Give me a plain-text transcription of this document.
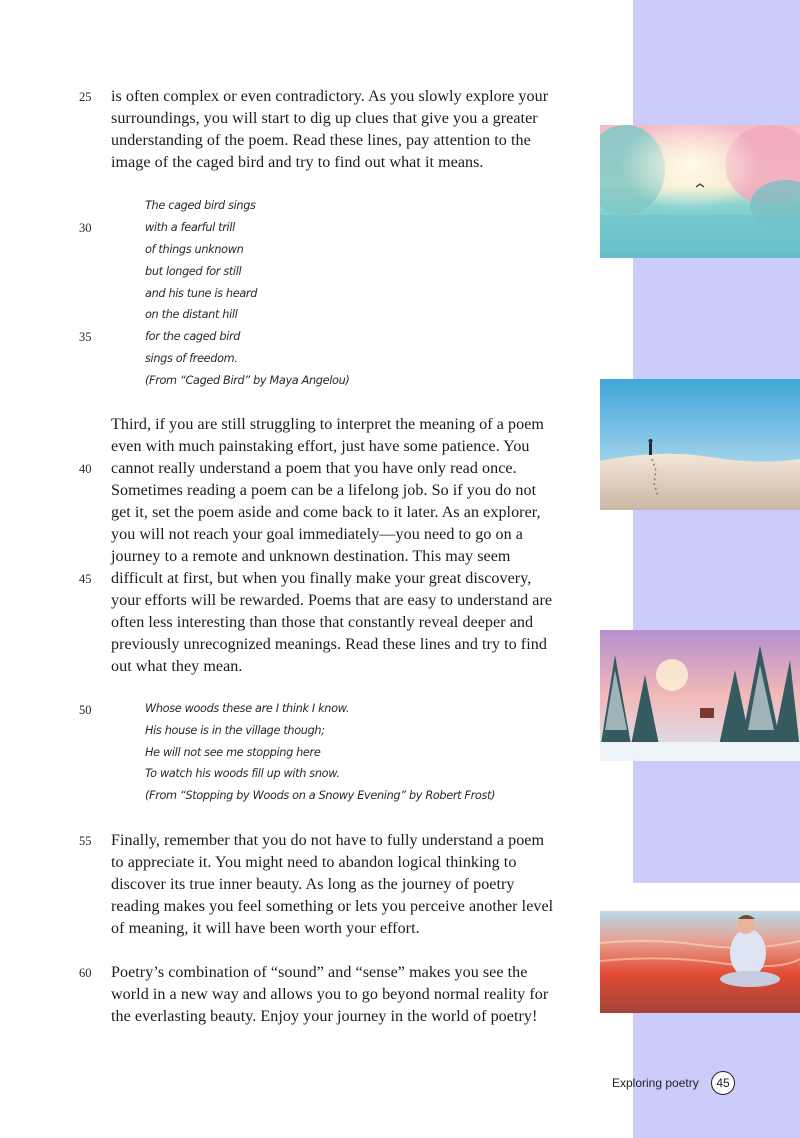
is often complex or even contradictory. As you slowly explore your
surroundings, you will start to dig up clues that give you a greater
understanding of the poem. Read these lines, pay attention to the
image of the caged bird and try to find out what it means.
The caged bird sings
with a fearful trill
of things unknown
but longed for still
and his tune is heard
on the distant hill
for the caged bird
sings of freedom.
(From “Caged Bird” by Maya Angelou)
Third, if you are still struggling to interpret the meaning of a poem
even with much painstaking effort, just have some patience. You
cannot really understand a poem that you have only read once.
Sometimes reading a poem can be a lifelong job. So if you do not
get it, set the poem aside and come back to it later. As an explorer,
you will not reach your goal immediately—you need to go on a
journey to a remote and unknown destination. This may seem
difficult at first, but when you finally make your great discovery,
your efforts will be rewarded. Poems that are easy to understand are
often less interesting than those that constantly reveal deeper and
previously unrecognized meanings. Read these lines and try to find
out what they mean.
Whose woods these are I think I know.
His house is in the village though;
He will not see me stopping here
To watch his woods fill up with snow.
(From “Stopping by Woods on a Snowy Evening” by Robert Frost)
Finally, remember that you do not have to fully understand a poem
to appreciate it. You might need to abandon logical thinking to
discover its true inner beauty. As long as the journey of poetry
reading makes you feel something or lets you perceive another level
of meaning, it will have been worth your effort.
Poetry’s combination of “sound” and “sense” makes you see the
world in a new way and allows you to go beyond normal reality for
the everlasting beauty. Enjoy your journey in the world of poetry!
25
30
35
40
45
50
55
60
Exploring poetry	45
